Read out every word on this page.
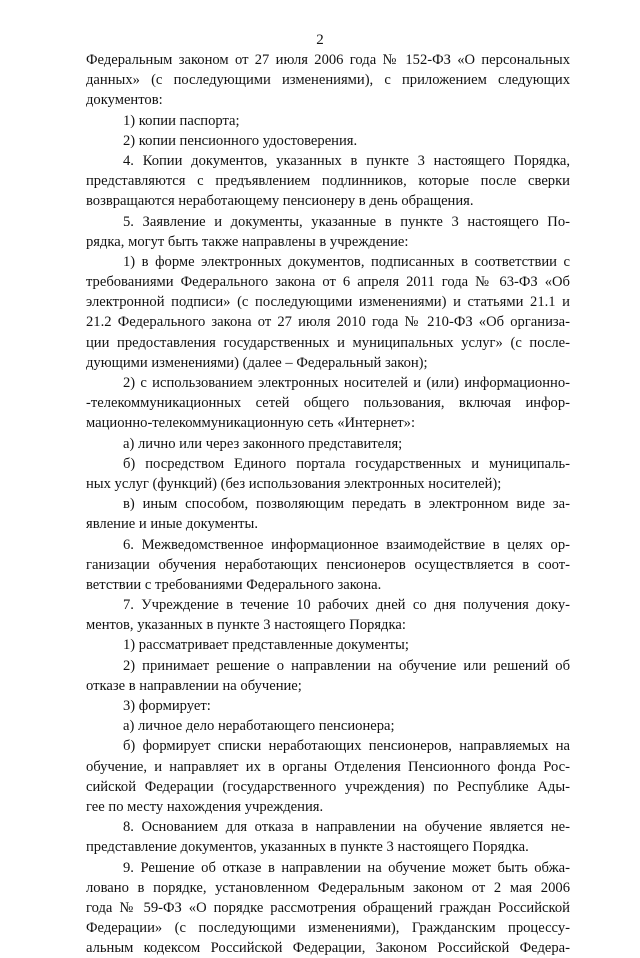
2
Федеральным законом от 27 июля 2006 года № 152-ФЗ «О персональных
данных» (с последующими изменениями), с приложением следующих
документов:
1) копии паспорта;
2) копии пенсионного удостоверения.
4. Копии документов, указанных в пункте 3 настоящего Порядка,
представляются с предъявлением подлинников, которые после сверки
возвращаются неработающему пенсионеру в день обращения.
5. Заявление и документы, указанные в пункте 3 настоящего По-
рядка, могут быть также направлены в учреждение:
1) в форме электронных документов, подписанных в соответствии с
требованиями Федерального закона от 6 апреля 2011 года № 63-ФЗ «Об
электронной подписи» (с последующими изменениями) и статьями 21.1 и
21.2 Федерального закона от 27 июля 2010 года № 210-ФЗ «Об организа-
ции предоставления государственных и муниципальных услуг» (с после-
дующими изменениями) (далее – Федеральный закон);
2) с использованием электронных носителей и (или) информационно-
-телекоммуникационных сетей общего пользования, включая инфор-
мационно-телекоммуникационную сеть «Интернет»:
а) лично или через законного представителя;
б) посредством Единого портала государственных и муниципаль-
ных услуг (функций) (без использования электронных носителей);
в) иным способом, позволяющим передать в электронном виде за-
явление и иные документы.
6. Межведомственное информационное взаимодействие в целях ор-
ганизации обучения неработающих пенсионеров осуществляется в соот-
ветствии с требованиями Федерального закона.
7. Учреждение в течение 10 рабочих дней со дня получения доку-
ментов, указанных в пункте 3 настоящего Порядка:
1) рассматривает представленные документы;
2) принимает решение о направлении на обучение или решений об
отказе в направлении на обучение;
3) формирует:
а) личное дело неработающего пенсионера;
б) формирует списки неработающих пенсионеров, направляемых на
обучение, и направляет их в органы Отделения Пенсионного фонда Рос-
сийской Федерации (государственного учреждения) по Республике Ады-
гее по месту нахождения учреждения.
8. Основанием для отказа в направлении на обучение является не-
представление документов, указанных в пункте 3 настоящего Порядка.
9. Решение об отказе в направлении на обучение может быть обжа-
ловано в порядке, установленном Федеральным законом от 2 мая 2006
года № 59-ФЗ «О порядке рассмотрения обращений граждан Российской
Федерации» (с последующими изменениями), Гражданским процессу-
альным кодексом Российской Федерации, Законом Российской Федера-
